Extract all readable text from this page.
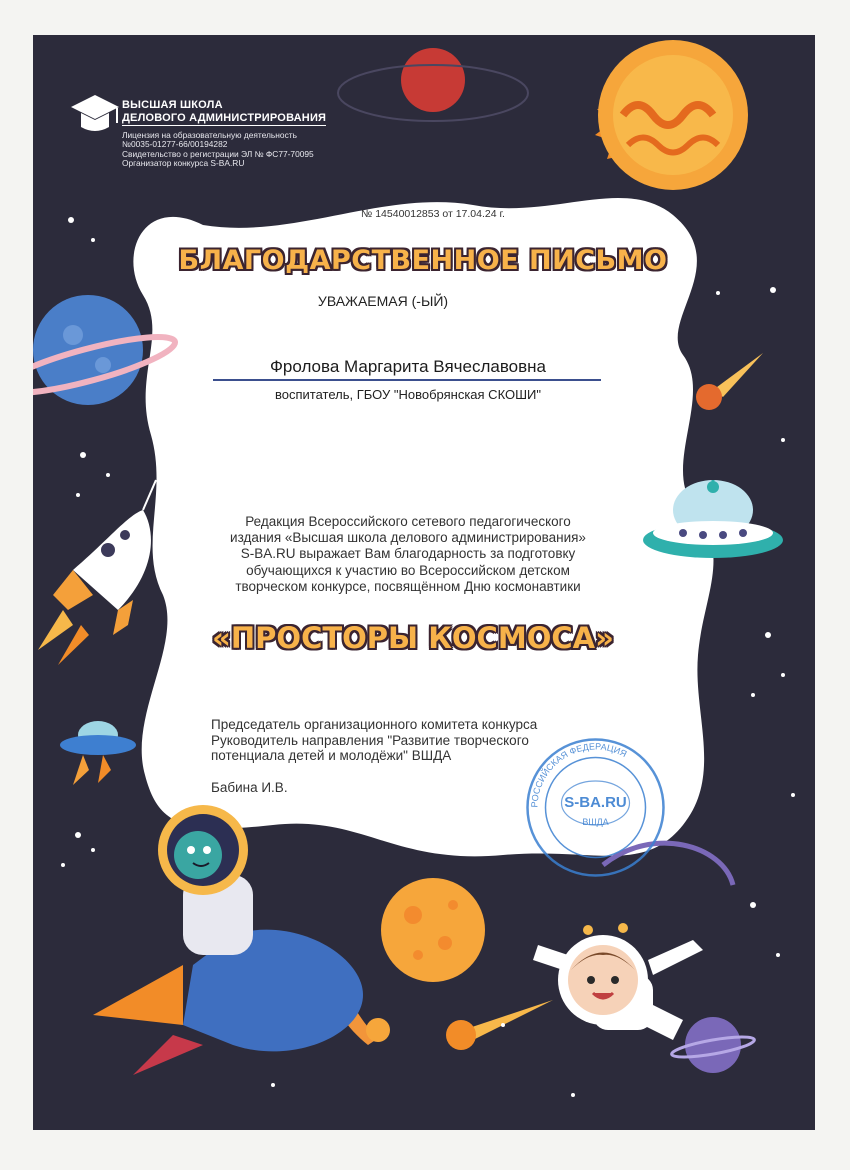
ВЫСШАЯ ШКОЛА
ДЕЛОВОГО АДМИНИСТРИРОВАНИЯ
Лицензия на образовательную деятельность
№0035-01277-66/00194282
Свидетельство о регистрации ЭЛ № ФС77-70095
Организатор конкурса S-BA.RU
№ 14540012853 от 17.04.24 г.
БЛАГОДАРСТВЕННОЕ ПИСЬМО
УВАЖАЕМАЯ (-ЫЙ)
Фролова Маргарита Вячеславовна
воспитатель, ГБОУ "Новобрянская СКОШИ"
Редакция Всероссийского сетевого педагогического
издания «Высшая школа делового администрирования»
S-BA.RU выражает Вам благодарность за подготовку
обучающихся к участию во Всероссийском детском
творческом конкурсе, посвящённом Дню космонавтики
«ПРОСТОРЫ КОСМОСА»
Председатель организационного комитета конкурса
Руководитель направления "Развитие творческого
потенциала детей и молодёжи" ВШДА
Бабина И.В.
РОССИЙСКАЯ ФЕДЕРАЦИЯ
S-BA.RU
ВШДА
